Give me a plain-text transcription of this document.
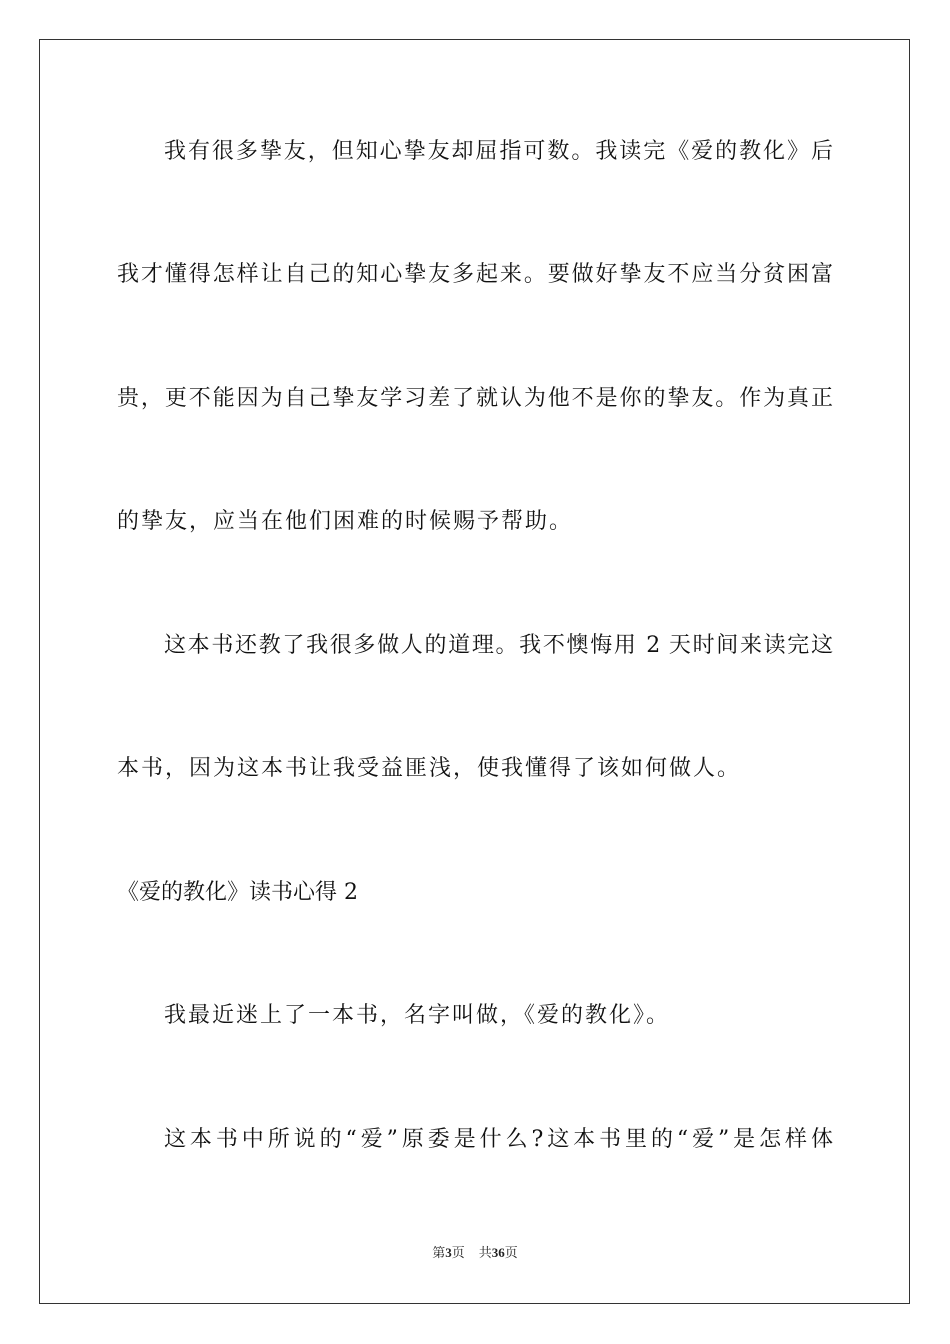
我有很多挚友，但知心挚友却屈指可数。我读完《爱的教化》后
我才懂得怎样让自己的知心挚友多起来。要做好挚友不应当分贫困富
贵，更不能因为自己挚友学习差了就认为他不是你的挚友。作为真正
的挚友，应当在他们困难的时候赐予帮助。
这本书还教了我很多做人的道理。我不懊悔用 2 天时间来读完这
本书，因为这本书让我受益匪浅，使我懂得了该如何做人。
《爱的教化》读书心得 2
我最近迷上了一本书，名字叫做，《爱的教化》。
这本书中所说的“爱”原委是什么?这本书里的“爱”是怎样体
第3页 共36页
